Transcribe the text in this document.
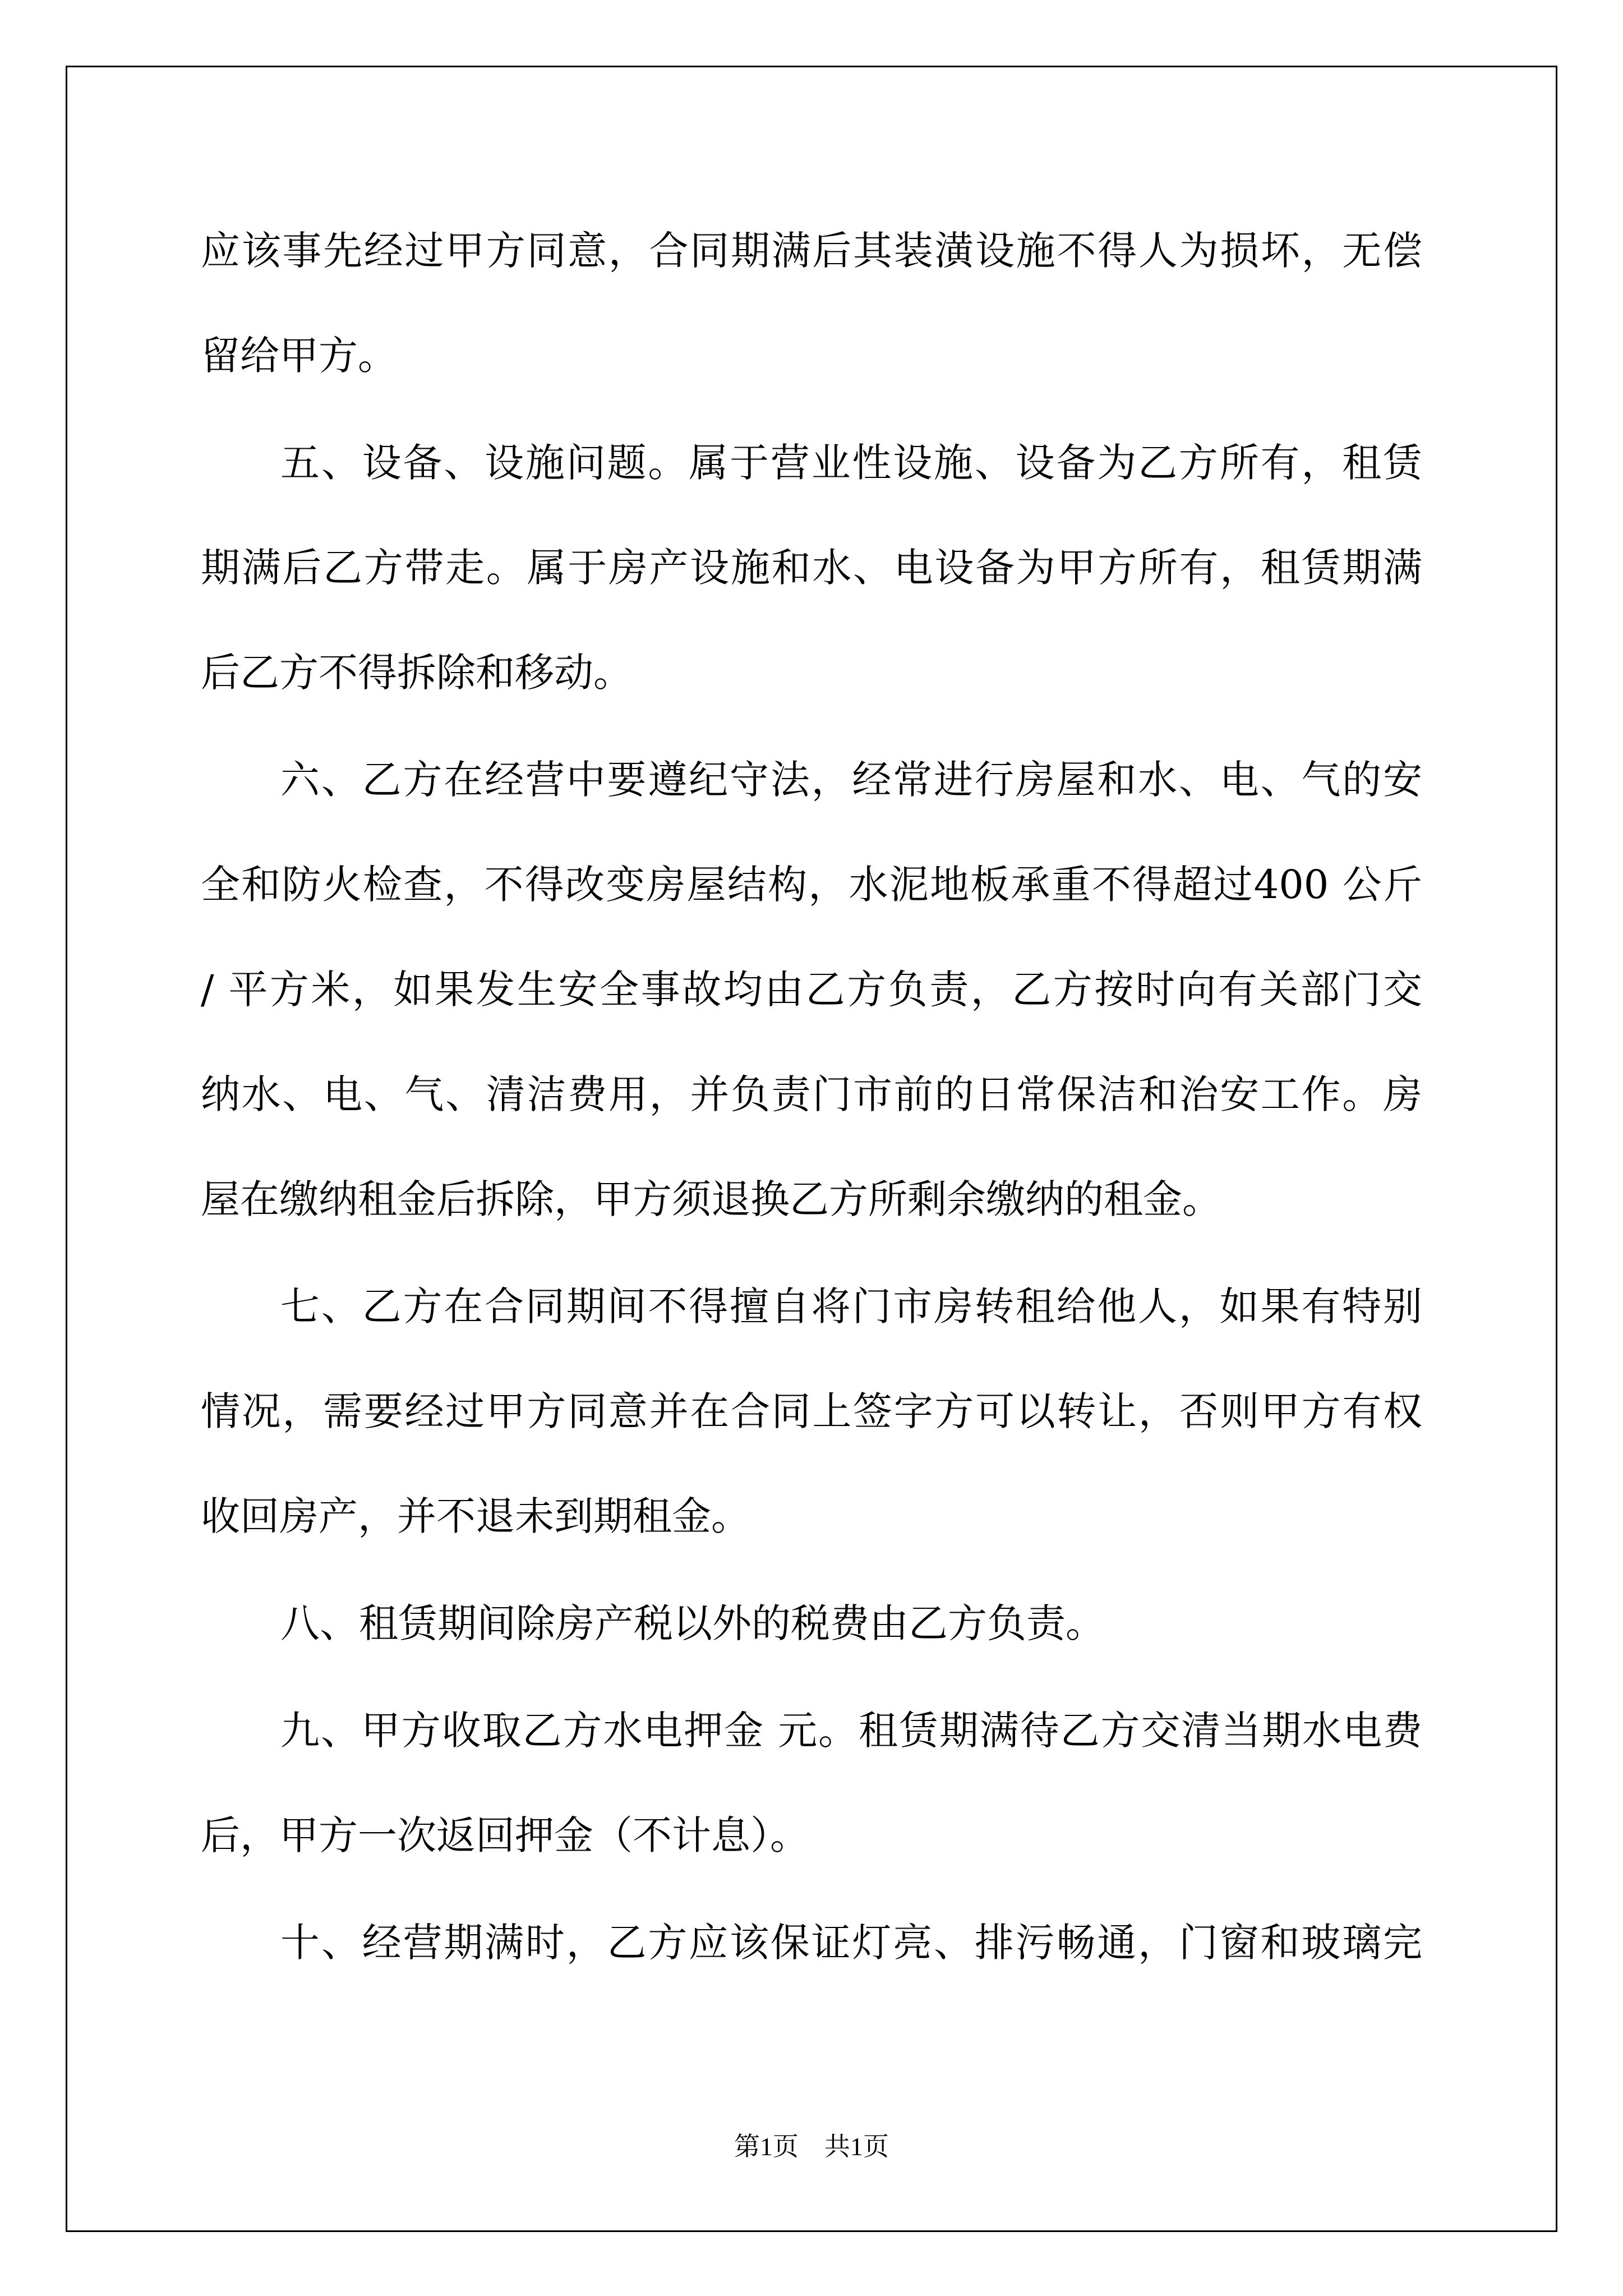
应该事先经过甲方同意，合同期满后其装潢设施不得人为损坏，无偿
留给甲方。
五、设备、设施问题。属于营业性设施、设备为乙方所有，租赁
期满后乙方带走。属于房产设施和水、电设备为甲方所有，租赁期满
后乙方不得拆除和移动。
六、乙方在经营中要遵纪守法，经常进行房屋和水、电、气的安
全和防火检查，不得改变房屋结构，水泥地板承重不得超过400 公斤
/ 平方米，如果发生安全事故均由乙方负责，乙方按时向有关部门交
纳水、电、气、清洁费用，并负责门市前的日常保洁和治安工作。房
屋在缴纳租金后拆除，甲方须退换乙方所剩余缴纳的租金。
七、乙方在合同期间不得擅自将门市房转租给他人，如果有特别
情况，需要经过甲方同意并在合同上签字方可以转让，否则甲方有权
收回房产，并不退未到期租金。
八、租赁期间除房产税以外的税费由乙方负责。
九、甲方收取乙方水电押金 元。租赁期满待乙方交清当期水电费
后，甲方一次返回押金（不计息）。
十、经营期满时，乙方应该保证灯亮、排污畅通，门窗和玻璃完
第1页 共1页
